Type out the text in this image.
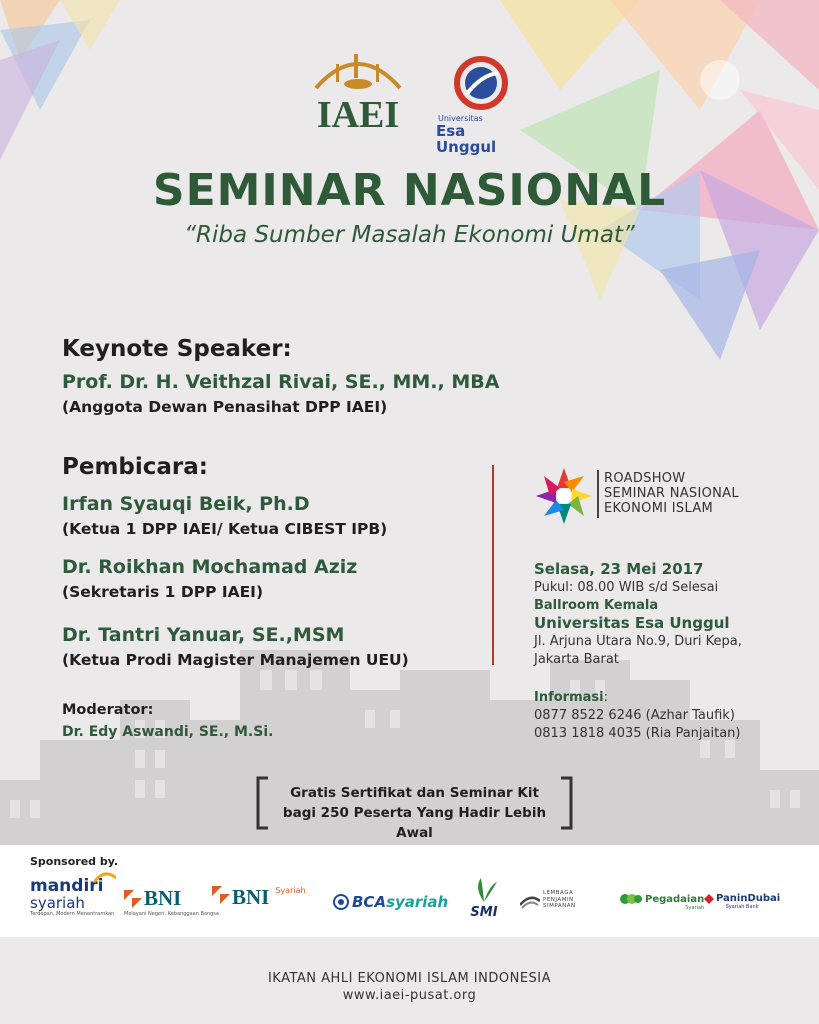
IAEI	Universitas
Esa Unggul
SEMINAR NASIONAL
“Riba Sumber Masalah Ekonomi Umat”
Keynote Speaker:
Prof. Dr. H. Veithzal Rivai, SE., MM., MBA
(Anggota Dewan Penasihat DPP IAEI)
Pembicara:
Irfan Syauqi Beik, Ph.D
(Ketua 1 DPP IAEI/ Ketua CIBEST IPB)
Dr. Roikhan Mochamad Aziz
(Sekretaris 1 DPP IAEI)
Dr. Tantri Yanuar, SE.,MSM
(Ketua Prodi Magister Manajemen UEU)
Moderator:
Dr. Edy Aswandi, SE., M.Si.
ROADSHOW
SEMINAR NASIONAL
EKONOMI ISLAM
Selasa, 23 Mei 2017
Pukul: 08.00 WIB s/d Selesai
Ballroom Kemala
Universitas Esa Unggul
Jl. Arjuna Utara No.9, Duri Kepa,
Jakarta Barat
Informasi:
0877 8522 6246 (Azhar Taufik)
0813 1818 4035 (Ria Panjaitan)
Gratis Sertifikat dan Seminar Kit
bagi 250 Peserta Yang Hadir Lebih Awal
Sponsored by.
mandiri
syariah
Terdepan, Modern Menentramkan
BNI
Melayani Negeri, Kebanggaan Bangsa
BNI Syariah
BCA syariah
SMI
LEMBAGA
PENJAMIN
SIMPANAN
Pegadaian
Syariah
PaninDubai
Syariah Bank
IKATAN AHLI EKONOMI ISLAM INDONESIA
www.iaei-pusat.org
